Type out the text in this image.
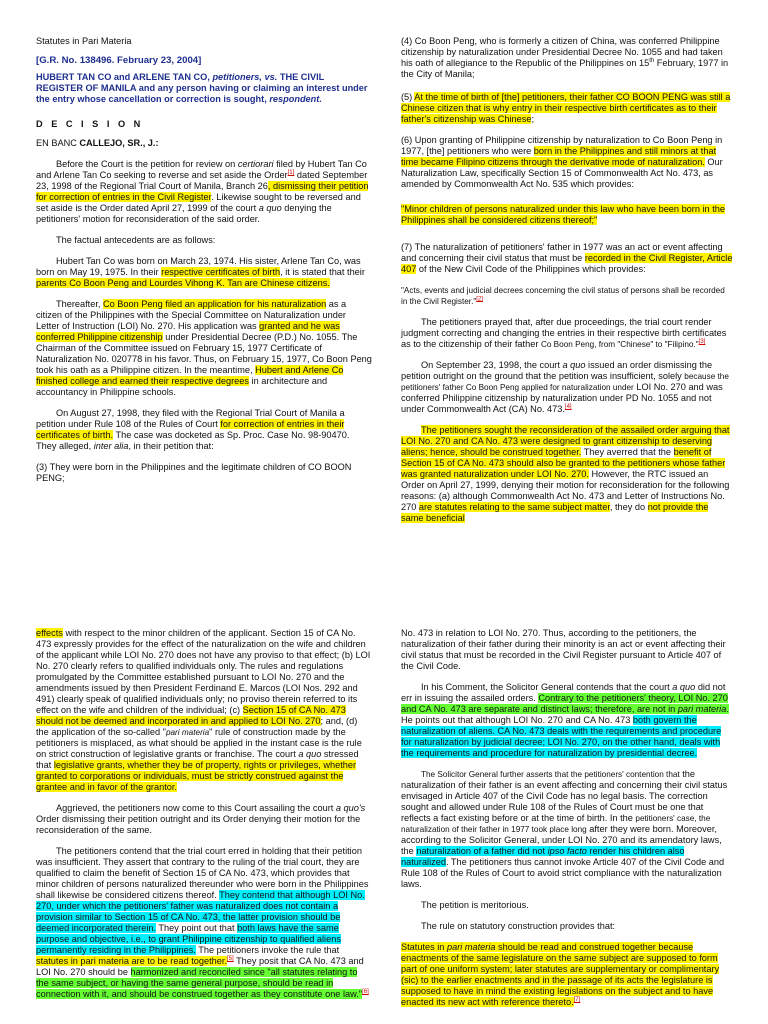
Statutes in Pari Materia

[G.R. No. 138496. February 23, 2004]

HUBERT TAN CO and ARLENE TAN CO, petitioners, vs. THE CIVIL REGISTER OF MANILA and any person having or claiming an interest under the entry whose cancellation or correction is sought, respondent.

D E C I S I O N

EN BANC CALLEJO, SR., J.:

Before the Court is the petition for review on certiorari filed by Hubert Tan Co and Arlene Tan Co seeking to reverse and set aside the Order[1] dated September 23, 1998 of the Regional Trial Court of Manila, Branch 26, dismissing their petition for correction of entries in the Civil Register. Likewise sought to be reversed and set aside is the Order dated April 27, 1999 of the court a quo denying the petitioners' motion for reconsideration of the said order.

The factual antecedents are as follows:

Hubert Tan Co was born on March 23, 1974. His sister, Arlene Tan Co, was born on May 19, 1975. In their respective certificates of birth, it is stated that their parents Co Boon Peng and Lourdes Vihong K. Tan are Chinese citizens.

Thereafter, Co Boon Peng filed an application for his naturalization as a citizen of the Philippines with the Special Committee on Naturalization under Letter of Instruction (LOI) No. 270. His application was granted and he was conferred Philippine citizenship under Presidential Decree (P.D.) No. 1055. The Chairman of the Committee issued on February 15, 1977 Certificate of Naturalization No. 020778 in his favor. Thus, on February 15, 1977, Co Boon Peng took his oath as a Philippine citizen. In the meantime, Hubert and Arlene Co finished college and earned their respective degrees in architecture and accountancy in Philippine schools.

On August 27, 1998, they filed with the Regional Trial Court of Manila a petition under Rule 108 of the Rules of Court for correction of entries in their certificates of birth. The case was docketed as Sp. Proc. Case No. 98-90470. They alleged, inter alia, in their petition that:

(3) They were born in the Philippines and the legitimate children of CO BOON PENG;

(4) Co Boon Peng, who is formerly a citizen of China, was conferred Philippine citizenship by naturalization under Presidential Decree No. 1055 and had taken his oath of allegiance to the Republic of the Philippines on 15th February, 1977 in the City of Manila;

(5) At the time of birth of [the] petitioners, their father CO BOON PENG was still a Chinese citizen that is why entry in their respective birth certificates as to their father's citizenship was Chinese;

(6) Upon granting of Philippine citizenship by naturalization to Co Boon Peng in 1977, [the] petitioners who were born in the Philippines and still minors at that time became Filipino citizens through the derivative mode of naturalization. Our Naturalization Law, specifically Section 15 of Commonwealth Act No. 473, as amended by Commonwealth Act No. 535 which provides:

"Minor children of persons naturalized under this law who have been born in the Philippines shall be considered citizens thereof;"

(7) The naturalization of petitioners' father in 1977 was an act or event affecting and concerning their civil status that must be recorded in the Civil Register, Article 407 of the New Civil Code of the Philippines which provides:

"Acts, events and judicial decrees concerning the civil status of persons shall be recorded in the Civil Register."[2]

The petitioners prayed that, after due proceedings, the trial court render judgment correcting and changing the entries in their respective birth certificates as to the citizenship of their father Co Boon Peng, from "Chinese" to "Filipino."[3]

On September 23, 1998, the court a quo issued an order dismissing the petition outright on the ground that the petition was insufficient, solely because the petitioners' father Co Boon Peng applied for naturalization under LOI No. 270 and was conferred Philippine citizenship by naturalization under PD No. 1055 and not under Commonwealth Act (CA) No. 473.[4]

The petitioners sought the reconsideration of the assailed order arguing that LOI No. 270 and CA No. 473 were designed to grant citizenship to deserving aliens; hence, should be construed together. They averred that the benefit of Section 15 of CA No. 473 should also be granted to the petitioners whose father was granted naturalization under LOI No. 270. However, the RTC issued an Order on April 27, 1999, denying their motion for reconsideration for the following reasons: (a) although Commonwealth Act No. 473 and Letter of Instructions No. 270 are statutes relating to the same subject matter, they do not provide the same beneficial

effects with respect to the minor children of the applicant. Section 15 of CA No. 473 expressly provides for the effect of the naturalization on the wife and children of the applicant while LOI No. 270 does not have any proviso to that effect; (b) LOI No. 270 clearly refers to qualified individuals only. The rules and regulations promulgated by the Committee established pursuant to LOI No. 270 and the amendments issued by then President Ferdinand E. Marcos (LOI Nos. 292 and 491) clearly speak of qualified individuals only; no proviso therein referred to its effect on the wife and children of the individual; (c) Section 15 of CA No. 473 should not be deemed and incorporated in and applied to LOI No. 270; and, (d) the application of the so-called "pari materia" rule of construction made by the petitioners is misplaced, as what should be applied in the instant case is the rule on strict construction of legislative grants or franchise. The court a quo stressed that legislative grants, whether they be of property, rights or privileges, whether granted to corporations or individuals, must be strictly construed against the grantee and in favor of the grantor.

Aggrieved, the petitioners now come to this Court assailing the court a quo's Order dismissing their petition outright and its Order denying their motion for the reconsideration of the same.

The petitioners contend that the trial court erred in holding that their petition was insufficient. They assert that contrary to the ruling of the trial court, they are qualified to claim the benefit of Section 15 of CA No. 473, which provides that minor children of persons naturalized thereunder who were born in the Philippines shall likewise be considered citizens thereof. They contend that although LOI No. 270, under which the petitioners' father was naturalized does not contain a provision similar to Section 15 of CA No. 473, the latter provision should be deemed incorporated therein. They point out that both laws have the same purpose and objective, i.e., to grant Philippine citizenship to qualified aliens permanently residing in the Philippines. The petitioners invoke the rule that statutes in pari materia are to be read together.[5] They posit that CA No. 473 and LOI No. 270 should be harmonized and reconciled since "all statutes relating to the same subject, or having the same general purpose, should be read in connection with it, and should be construed together as they constitute one law."[6]

No. 473 in relation to LOI No. 270. Thus, according to the petitioners, the naturalization of their father during their minority is an act or event affecting their civil status that must be recorded in the Civil Register pursuant to Article 407 of the Civil Code.

In his Comment, the Solicitor General contends that the court a quo did not err in issuing the assailed orders. Contrary to the petitioners' theory, LOI No. 270 and CA No. 473 are separate and distinct laws; therefore, are not in pari materia. He points out that although LOI No. 270 and CA No. 473 both govern the naturalization of aliens. CA No. 473 deals with the requirements and procedure for naturalization by judicial decree; LOI No. 270, on the other hand, deals with the requirements and procedure for naturalization by presidential decree.

The Solicitor General further asserts that the petitioners' contention that the naturalization of their father is an event affecting and concerning their civil status envisaged in Article 407 of the Civil Code has no legal basis. The correction sought and allowed under Rule 108 of the Rules of Court must be one that reflects a fact existing before or at the time of birth. In the petitioners' case, the naturalization of their father in 1977 took place long after they were born. Moreover, according to the Solicitor General, under LOI No. 270 and its amendatory laws, the naturalization of a father did not ipso facto render his children also naturalized. The petitioners thus cannot invoke Article 407 of the Civil Code and Rule 108 of the Rules of Court to avoid strict compliance with the naturalization laws.

The petition is meritorious.

The rule on statutory construction provides that:

Statutes in pari materia should be read and construed together because enactments of the same legislature on the same subject are supposed to form part of one uniform system; later statutes are supplementary or complimentary (sic) to the earlier enactments and in the passage of its acts the legislature is supposed to have in mind the existing legislations on the subject and to have enacted its new act with reference thereto.[7]
